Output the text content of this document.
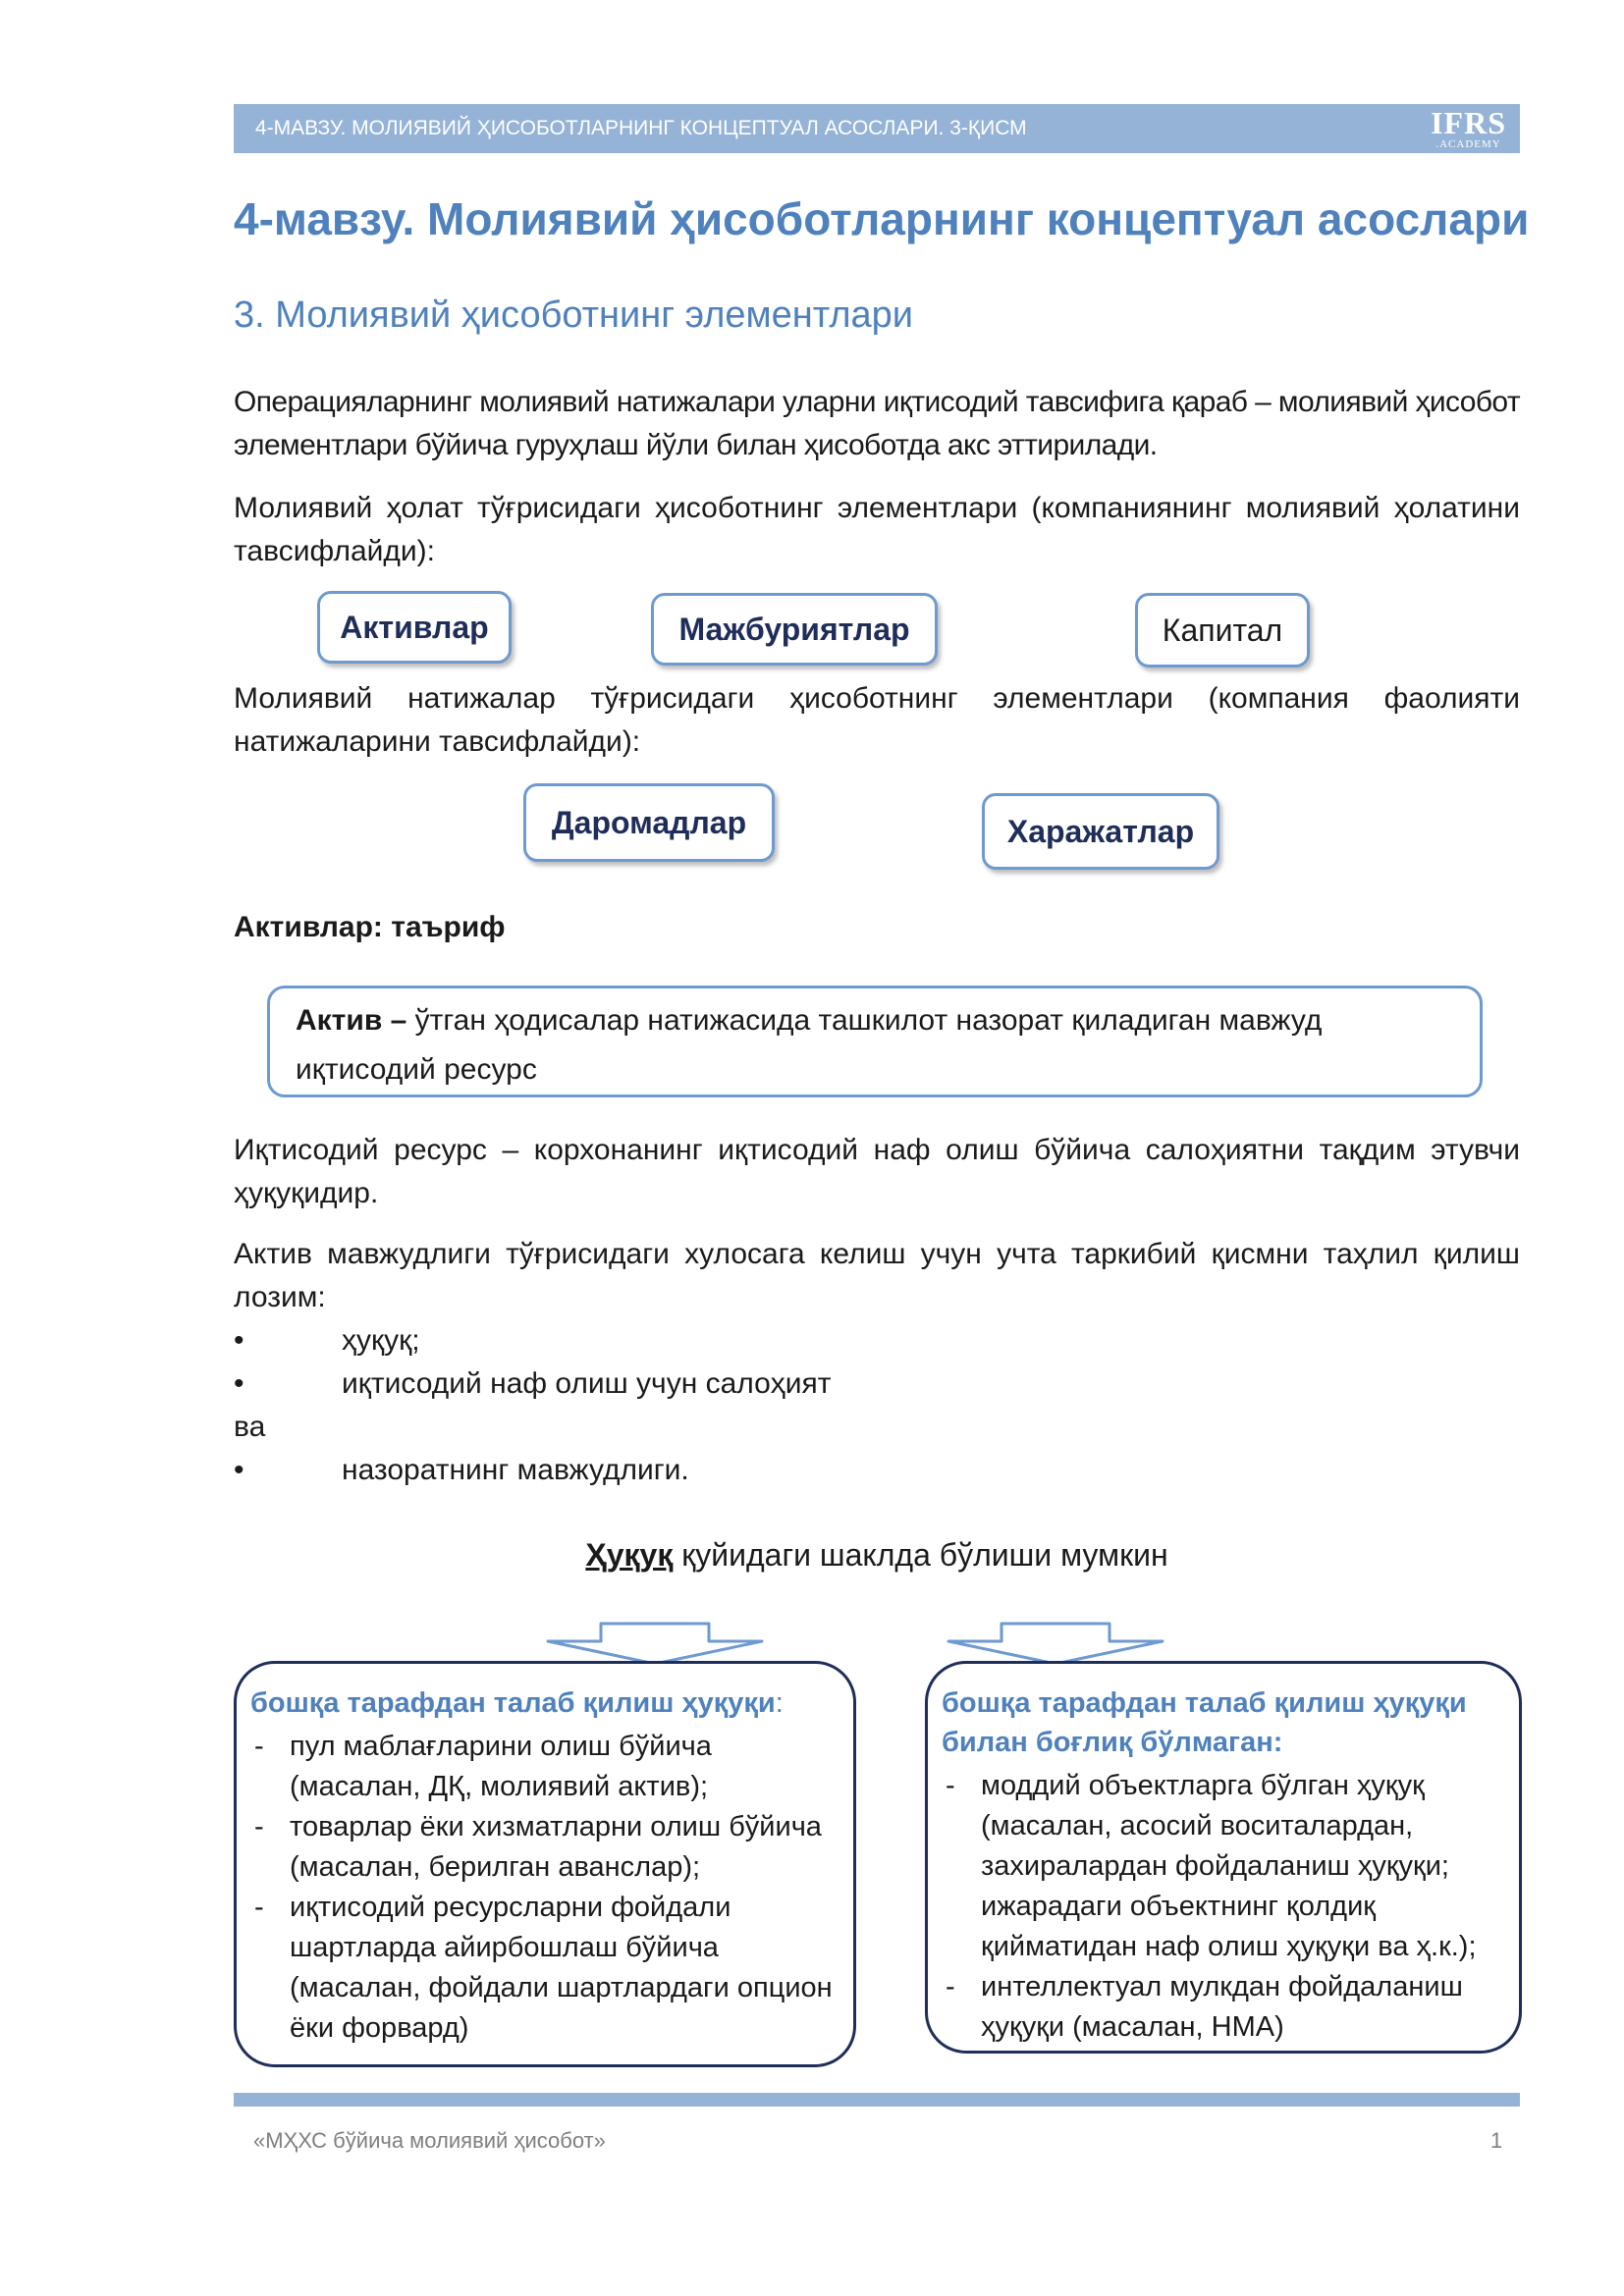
4-МАВЗУ. МОЛИЯВИЙ ҲИСОБОТЛАРНИНГ КОНЦЕПТУАЛ АСОСЛАРИ. 3-ҚИСМ	IFRS
.ACADEMY
4-мавзу. Молиявий ҳисоботларнинг концептуал асослари
3. Молиявий ҳисоботнинг элементлари

Операцияларнинг молиявий натижалари уларни иқтисодий тавсифига қараб – молиявий ҳисобот элементлари бўйича гуруҳлаш йўли билан ҳисоботда акс эттирилади.

Молиявий ҳолат тўғрисидаги ҳисоботнинг элементлари (компаниянинг молиявий ҳолатини тавсифлайди):

Активлар	Мажбуриятлар	Капитал

Молиявий натижалар тўғрисидаги ҳисоботнинг элементлари (компания фаолияти натижаларини тавсифлайди):

Даромадлар	Харажатлар
Активлар: таъриф
Актив – ўтган ҳодисалар натижасида ташкилот назорат қиладиган мавжуд иқтисодий ресурс

Иқтисодий ресурс – корхонанинг иқтисодий наф олиш бўйича салоҳиятни тақдим этувчи ҳуқуқидир.

Актив мавжудлиги тўғрисидаги хулосага келиш учун учта таркибий қисмни таҳлил қилиш лозим:

•	ҳуқуқ;
•	иқтисодий наф олиш учун салоҳият
ва
•	назоратнинг мавжудлиги.
Ҳуқуқ қуйидаги шаклда бўлиши мумкин
бошқа тарафдан талаб қилиш ҳуқуқи:
- пул маблағларини олиш бўйича (масалан, ДҚ, молиявий актив);
- товарлар ёки хизматларни олиш бўйича (масалан, берилган аванслар);
- иқтисодий ресурсларни фойдали шартларда айирбошлаш бўйича (масалан, фойдали шартлардаги опцион ёки форвард)
бошқа тарафдан талаб қилиш ҳуқуқи билан боғлиқ бўлмаган:
- моддий объектларга бўлган ҳуқуқ (масалан, асосий воситалардан, захиралардан фойдаланиш ҳуқуқи; ижарадаги объектнинг қолдиқ қийматидан наф олиш ҳуқуқи ва ҳ.к.);
- интеллектуал мулкдан фойдаланиш ҳуқуқи (масалан, НМА)
«МҲХС бўйича молиявий ҳисобот»	1
